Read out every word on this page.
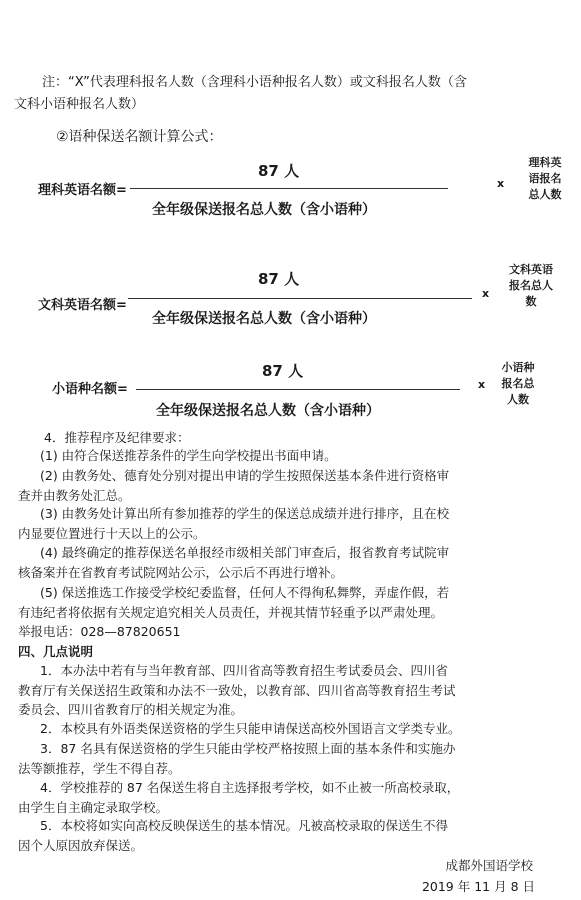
注：“X”代表理科报名人数（含理科小语种报名人数）或文科报名人数（含
文科小语种报名人数）
②语种保送名额计算公式：
理科英语名额=
87 人
全年级保送报名总人数（含小语种）
x
理科英
语报名
总人数
文科英语名额=
87 人
全年级保送报名总人数（含小语种）
x
文科英语
报名总人
数
小语种名额=
87 人
全年级保送报名总人数（含小语种）
x
小语种
报名总
人数
4．推荐程序及纪律要求：
(1) 由符合保送推荐条件的学生向学校提出书面申请。
(2) 由教务处、德育处分别对提出申请的学生按照保送基本条件进行资格审
查并由教务处汇总。
(3) 由教务处计算出所有参加推荐的学生的保送总成绩并进行排序，且在校
内显要位置进行十天以上的公示。
(4) 最终确定的推荐保送名单报经市级相关部门审查后，报省教育考试院审
核备案并在省教育考试院网站公示，公示后不再进行增补。
(5) 保送推选工作接受学校纪委监督，任何人不得徇私舞弊，弄虚作假，若
有违纪者将依据有关规定追究相关人员责任，并视其情节轻重予以严肃处理。
举报电话：028—87820651
四、几点说明
1．本办法中若有与当年教育部、四川省高等教育招生考试委员会、四川省
教育厅有关保送招生政策和办法不一致处，以教育部、四川省高等教育招生考试
委员会、四川省教育厅的相关规定为准。
2．本校具有外语类保送资格的学生只能申请保送高校外国语言文学类专业。
3．87 名具有保送资格的学生只能由学校严格按照上面的基本条件和实施办
法等额推荐，学生不得自荐。
4．学校推荐的 87 名保送生将自主选择报考学校，如不止被一所高校录取，
由学生自主确定录取学校。
5．本校将如实向高校反映保送生的基本情况。凡被高校录取的保送生不得
因个人原因放弃保送。
成都外国语学校
2019 年 11 月 8 日
